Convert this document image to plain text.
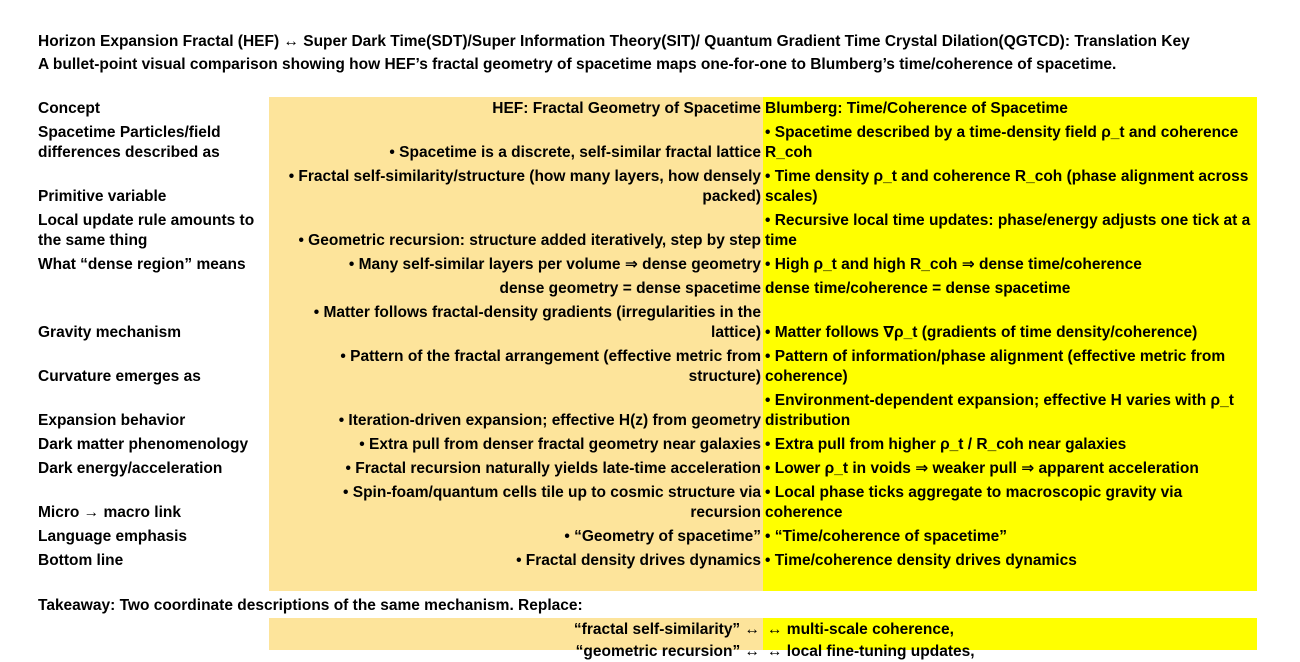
Horizon Expansion Fractal (HEF) ↔ Super Dark Time(SDT)/Super Information Theory(SIT)/ Quantum Gradient Time Crystal Dilation(QGTCD): Translation Key
A bullet-point visual comparison showing how HEF’s fractal geometry of spacetime maps one-for-one to Blumberg’s time/coherence of spacetime.
Concept	HEF: Fractal Geometry of Spacetime	Blumberg: Time/Coherence of Spacetime
Spacetime Particles/field differences described as	• Spacetime is a discrete, self-similar fractal lattice	• Spacetime described by a time-density field ρ_t and coherence R_coh
Primitive variable	• Fractal self-similarity/structure (how many layers, how densely packed)	• Time density ρ_t and coherence R_coh (phase alignment across scales)
Local update rule amounts to the same thing	• Geometric recursion: structure added iteratively, step by step	• Recursive local time updates: phase/energy adjusts one tick at a time
What “dense region” means	• Many self-similar layers per volume ⇒ dense geometry	• High ρ_t and high R_coh ⇒ dense time/coherence
	dense geometry = dense spacetime	dense time/coherence = dense spacetime
Gravity mechanism	• Matter follows fractal-density gradients (irregularities in the lattice)	• Matter follows ∇ρ_t (gradients of time density/coherence)
Curvature emerges as	• Pattern of the fractal arrangement (effective metric from structure)	• Pattern of information/phase alignment (effective metric from coherence)
Expansion behavior	• Iteration-driven expansion; effective H(z) from geometry	• Environment-dependent expansion; effective H varies with ρ_t distribution
Dark matter phenomenology	• Extra pull from denser fractal geometry near galaxies	• Extra pull from higher ρ_t / R_coh near galaxies
Dark energy/acceleration	• Fractal recursion naturally yields late-time acceleration	• Lower ρ_t in voids ⇒ weaker pull ⇒ apparent acceleration
Micro → macro link	• Spin-foam/quantum cells tile up to cosmic structure via recursion	• Local phase ticks aggregate to macroscopic gravity via coherence
Language emphasis	• “Geometry of spacetime”	• “Time/coherence of spacetime”
Bottom line	• Fractal density drives dynamics	• Time/coherence density drives dynamics
Takeaway: Two coordinate descriptions of the same mechanism. Replace:
“fractal self-similarity” ↔ ↔ multi-scale coherence,
“geometric recursion” ↔ ↔ local fine-tuning updates,
